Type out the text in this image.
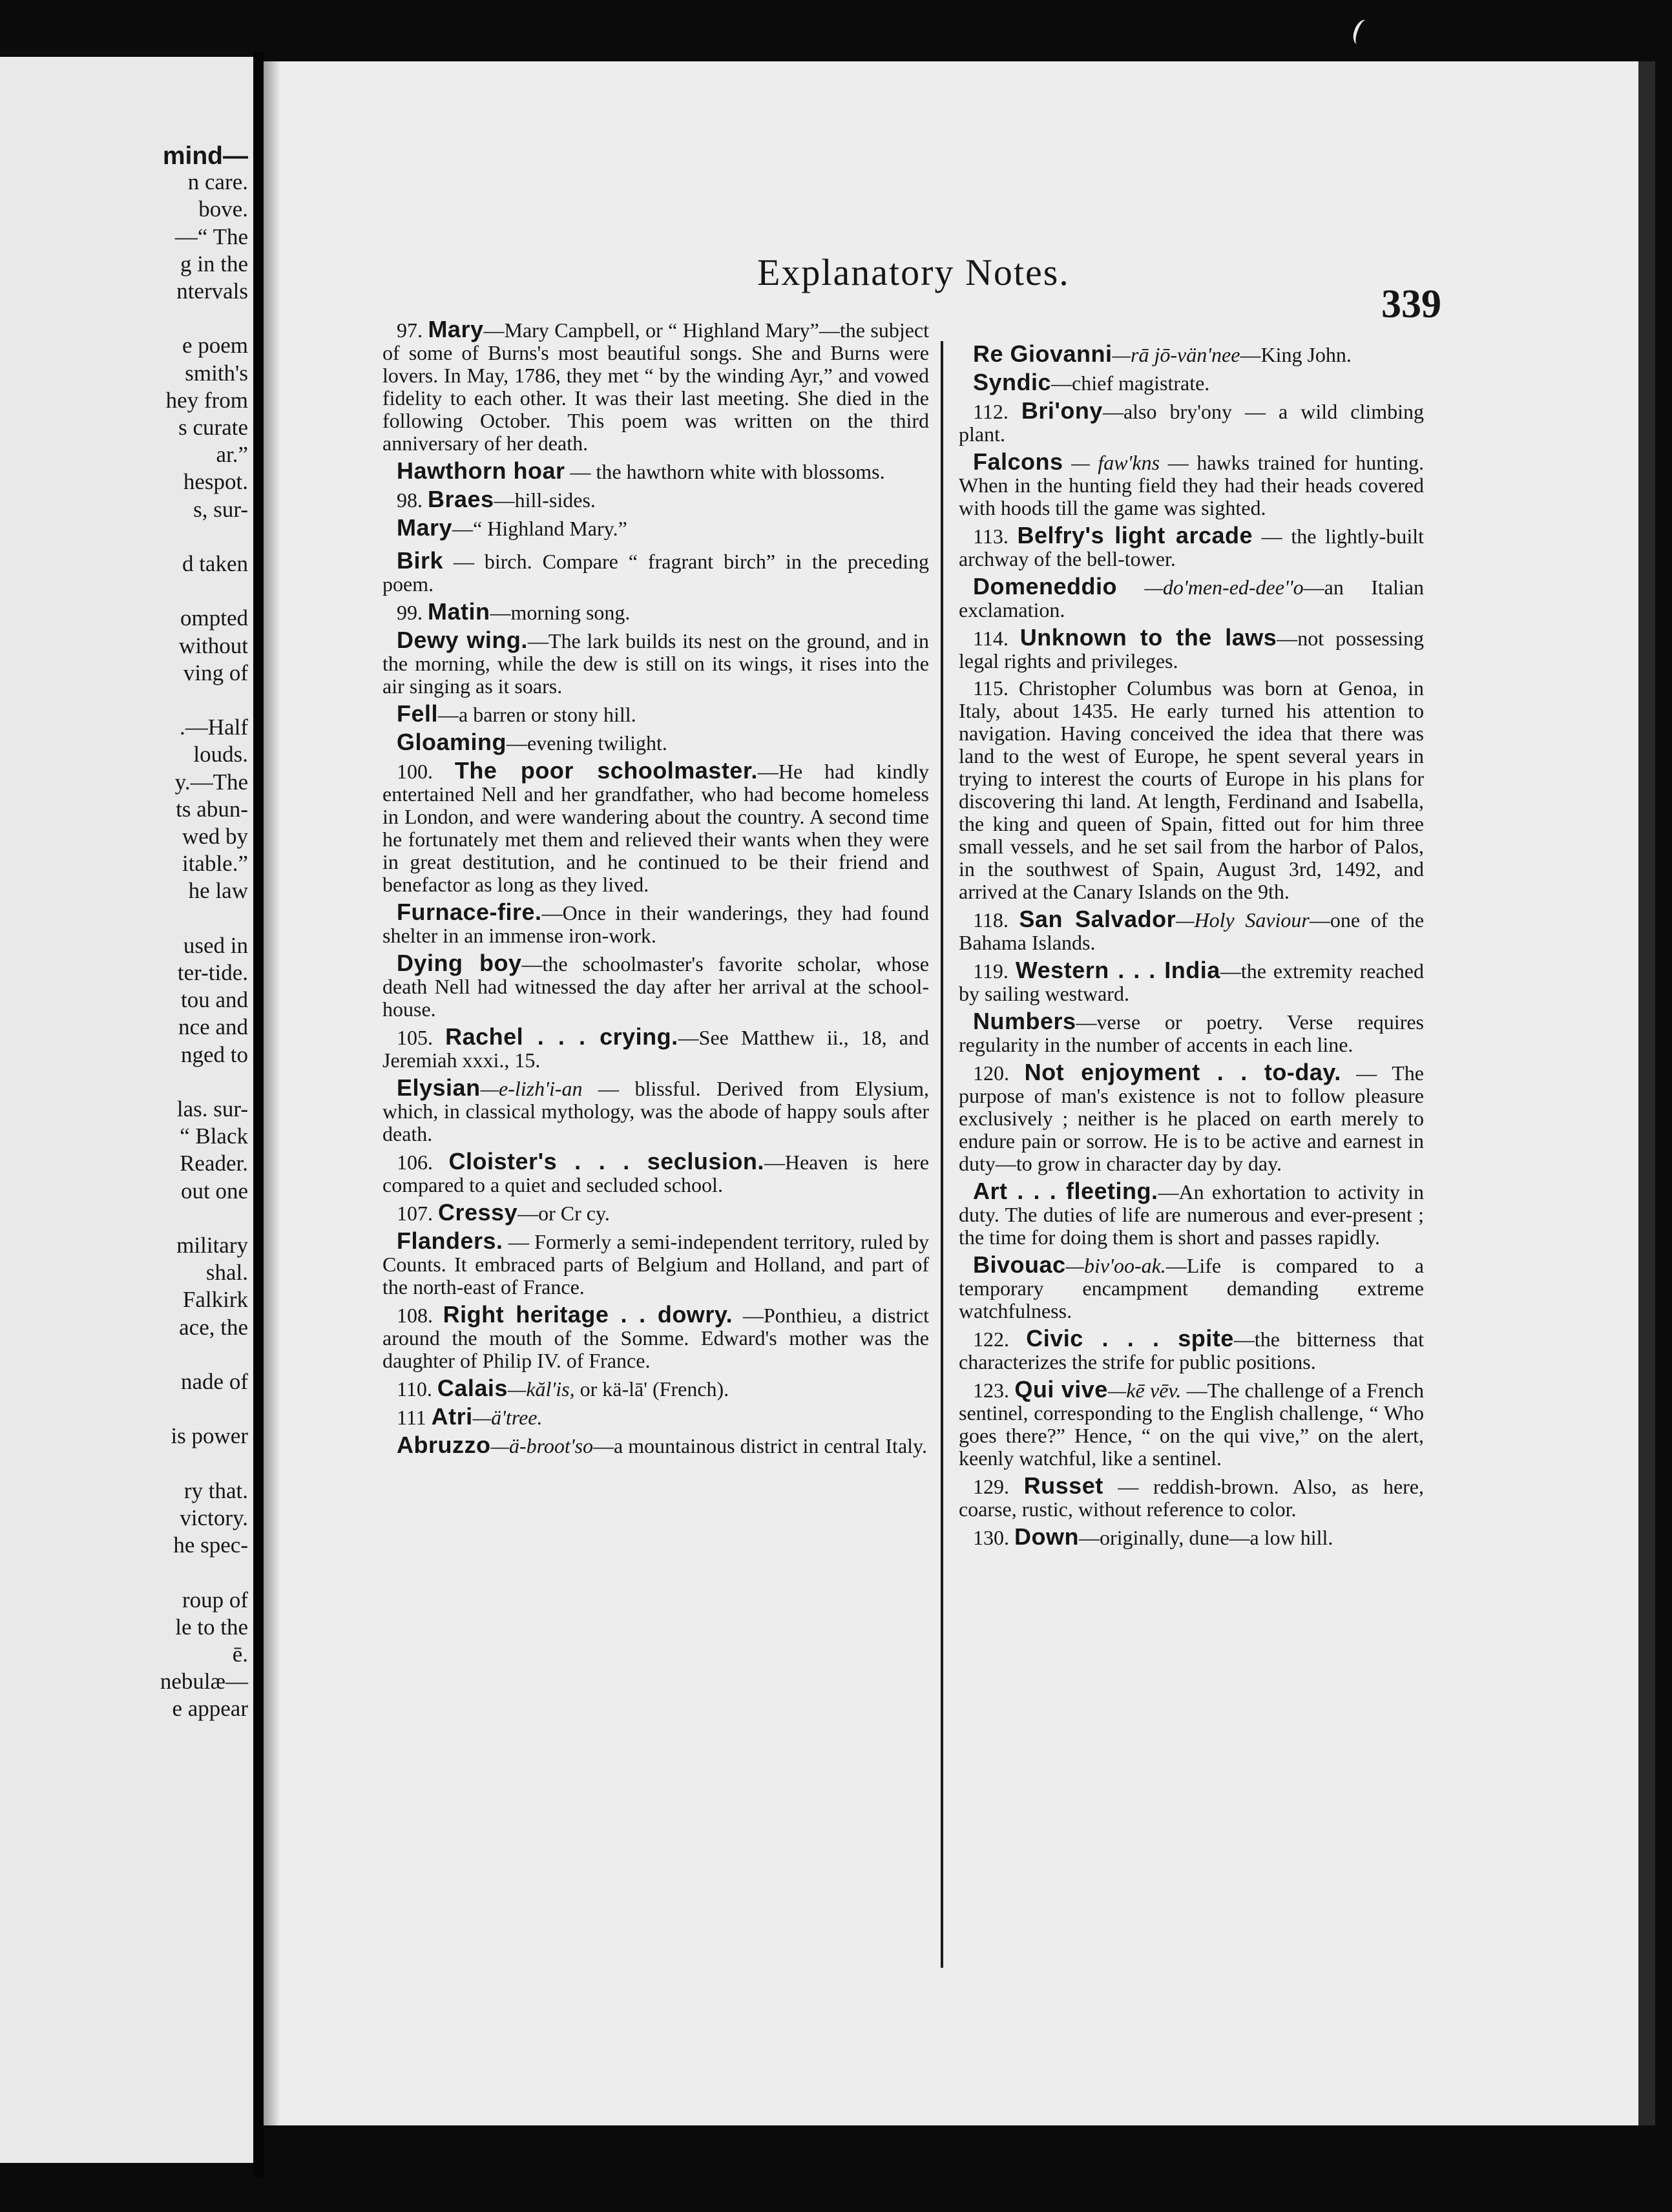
mind—
n care.
bove.
—“ The
g in the
ntervals
e poem
smith's
hey from
s curate
ar.”
hespot.
s, sur-
d taken
ompted
without
ving of
.—Half
louds.
y.—The
ts abun-
wed by
itable.”
he law
used in
ter-tide.
tou and
nce and
nged to
las. sur-
“ Black
Reader.
out one
military
shal.
Falkirk
ace, the
nade of
is power
ry that.
victory.
he spec-
roup of
le to the
ē.
nebulæ—
e appear
Explanatory Notes.
339

97. Mary—Mary Campbell, or “ Highland Mary”—the subject of some of Burns's most beautiful songs. She and Burns were lovers. In May, 1786, they met “ by the winding Ayr,” and vowed fidelity to each other. It was their last meeting. She died in the following October. This poem was written on the third anniversary of her death.

Hawthorn hoar — the hawthorn white with blossoms.

98. Braes—hill-sides.

Mary—“ Highland Mary.”

Birk — birch. Compare “ fragrant birch” in the preceding poem.

99. Matin—morning song.

Dewy wing.—The lark builds its nest on the ground, and in the morning, while the dew is still on its wings, it rises into the air singing as it soars.

Fell—a barren or stony hill.

Gloaming—evening twilight.

100. The poor schoolmaster.—He had kindly entertained Nell and her grandfather, who had become homeless in London, and were wandering about the country. A second time he fortunately met them and relieved their wants when they were in great destitution, and he continued to be their friend and benefactor as long as they lived.

Furnace-fire.—Once in their wanderings, they had found shelter in an immense iron-work.

Dying boy—the schoolmaster's favorite scholar, whose death Nell had witnessed the day after her arrival at the school-house.

105. Rachel . . . crying.—See Matthew ii., 18, and Jeremiah xxxi., 15.

Elysian—e-lizh'i-an — blissful. Derived from Elysium, which, in classical mythology, was the abode of happy souls after death.

106. Cloister's . . . seclusion.—Heaven is here compared to a quiet and secluded school.

107. Cressy—or Cr cy.

Flanders. — Formerly a semi-independent territory, ruled by Counts. It embraced parts of Belgium and Holland, and part of the north-east of France.

108. Right heritage . . dowry. —Ponthieu, a district around the mouth of the Somme. Edward's mother was the daughter of Philip IV. of France.

110. Calais—kăl'is, or kä-lā' (French).

111 Atri—ä'tree.

Abruzzo—ä-broot'so—a mountainous district in central Italy.

Re Giovanni—rā jō-vän'nee—King John.

Syndic—chief magistrate.

112. Bri'ony—also bry'ony — a wild climbing plant.

Falcons — faw'kns — hawks trained for hunting. When in the hunting field they had their heads covered with hoods till the game was sighted.

113. Belfry's light arcade — the lightly-built archway of the bell-tower.

Domeneddio —do'men-ed-dee''o—an Italian exclamation.

114. Unknown to the laws—not possessing legal rights and privileges.

115. Christopher Columbus was born at Genoa, in Italy, about 1435. He early turned his attention to navigation. Having conceived the idea that there was land to the west of Europe, he spent several years in trying to interest the courts of Europe in his plans for discovering thi land. At length, Ferdinand and Isabella, the king and queen of Spain, fitted out for him three small vessels, and he set sail from the harbor of Palos, in the southwest of Spain, August 3rd, 1492, and arrived at the Canary Islands on the 9th.

118. San Salvador—Holy Saviour—one of the Bahama Islands.

119. Western . . . India—the extremity reached by sailing westward.

Numbers—verse or poetry. Verse requires regularity in the number of accents in each line.

120. Not enjoyment . . to-day. — The purpose of man's existence is not to follow pleasure exclusively ; neither is he placed on earth merely to endure pain or sorrow. He is to be active and earnest in duty—to grow in character day by day.

Art . . . fleeting.—An exhortation to activity in duty. The duties of life are numerous and ever-present ; the time for doing them is short and passes rapidly.

Bivouac—biv'oo-ak.—Life is compared to a temporary encampment demanding extreme watchfulness.

122. Civic . . . spite—the bitterness that characterizes the strife for public positions.

123. Qui vive—kē vēv. —The challenge of a French sentinel, corresponding to the English challenge, “ Who goes there?” Hence, “ on the qui vive,” on the alert, keenly watchful, like a sentinel.

129. Russet — reddish-brown. Also, as here, coarse, rustic, without reference to color.

130. Down—originally, dune—a low hill.
